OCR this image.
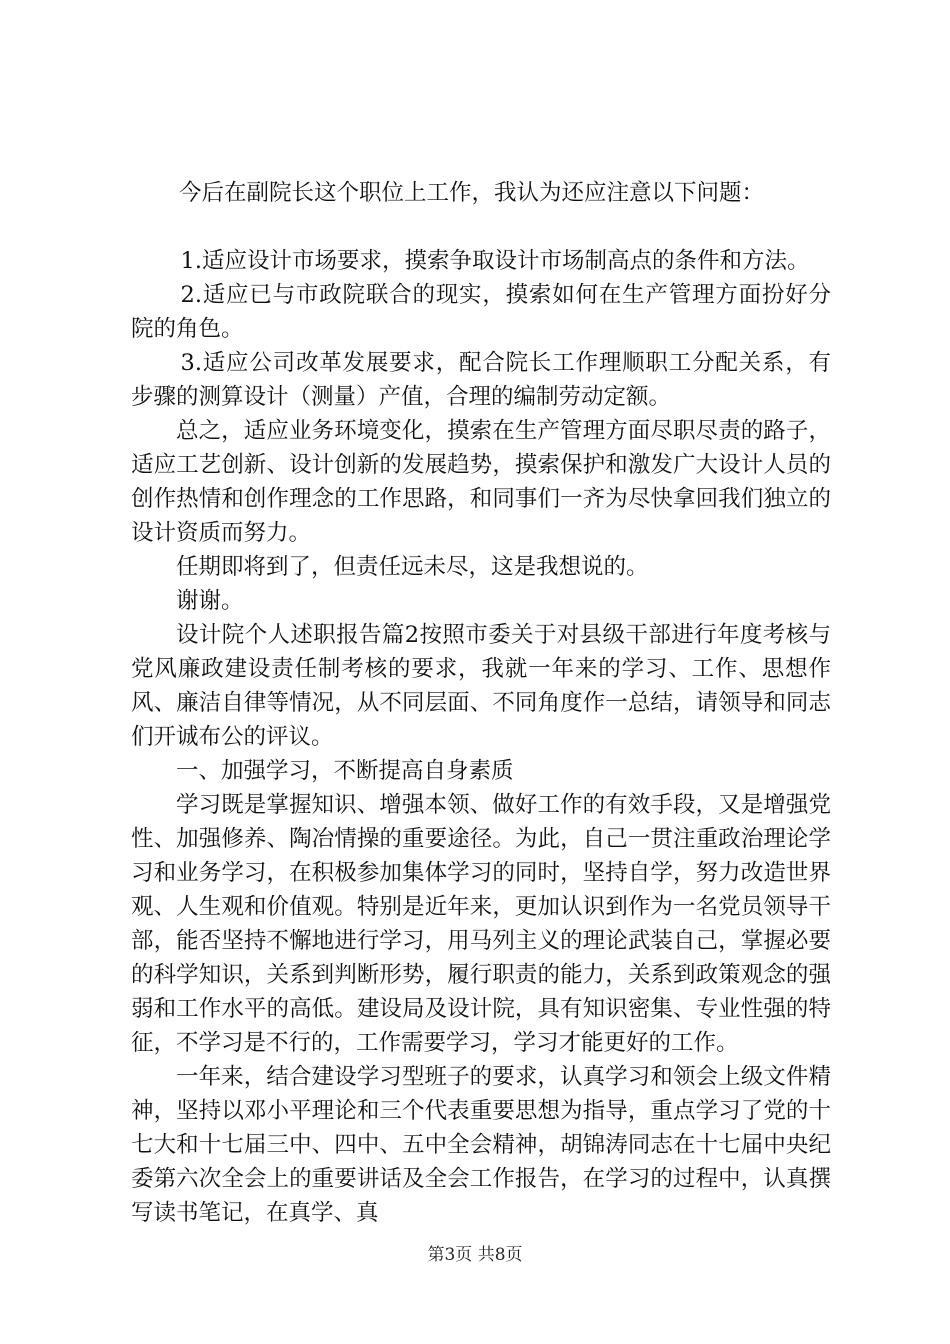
今后在副院长这个职位上工作，我认为还应注意以下问题：

1.适应设计市场要求，摸索争取设计市场制高点的条件和方法。

2.适应已与市政院联合的现实，摸索如何在生产管理方面扮好分院的角色。

3.适应公司改革发展要求，配合院长工作理顺职工分配关系，有步骤的测算设计（测量）产值，合理的编制劳动定额。

总之，适应业务环境变化，摸索在生产管理方面尽职尽责的路子，适应工艺创新、设计创新的发展趋势，摸索保护和激发广大设计人员的创作热情和创作理念的工作思路，和同事们一齐为尽快拿回我们独立的设计资质而努力。

任期即将到了，但责任远未尽，这是我想说的。

谢谢。

设计院个人述职报告篇2按照市委关于对县级干部进行年度考核与党风廉政建设责任制考核的要求，我就一年来的学习、工作、思想作风、廉洁自律等情况，从不同层面、不同角度作一总结，请领导和同志们开诚布公的评议。

一、加强学习，不断提高自身素质

学习既是掌握知识、增强本领、做好工作的有效手段，又是增强党性、加强修养、陶冶情操的重要途径。为此，自己一贯注重政治理论学习和业务学习，在积极参加集体学习的同时，坚持自学，努力改造世界观、人生观和价值观。特别是近年来，更加认识到作为一名党员领导干部，能否坚持不懈地进行学习，用马列主义的理论武装自己，掌握必要的科学知识，关系到判断形势，履行职责的能力，关系到政策观念的强弱和工作水平的高低。建设局及设计院，具有知识密集、专业性强的特征，不学习是不行的，工作需要学习，学习才能更好的工作。

一年来，结合建设学习型班子的要求，认真学习和领会上级文件精神，坚持以邓小平理论和三个代表重要思想为指导，重点学习了党的十七大和十七届三中、四中、五中全会精神，胡锦涛同志在十七届中央纪委第六次全会上的重要讲话及全会工作报告，在学习的过程中，认真撰写读书笔记，在真学、真

第3页 共8页
